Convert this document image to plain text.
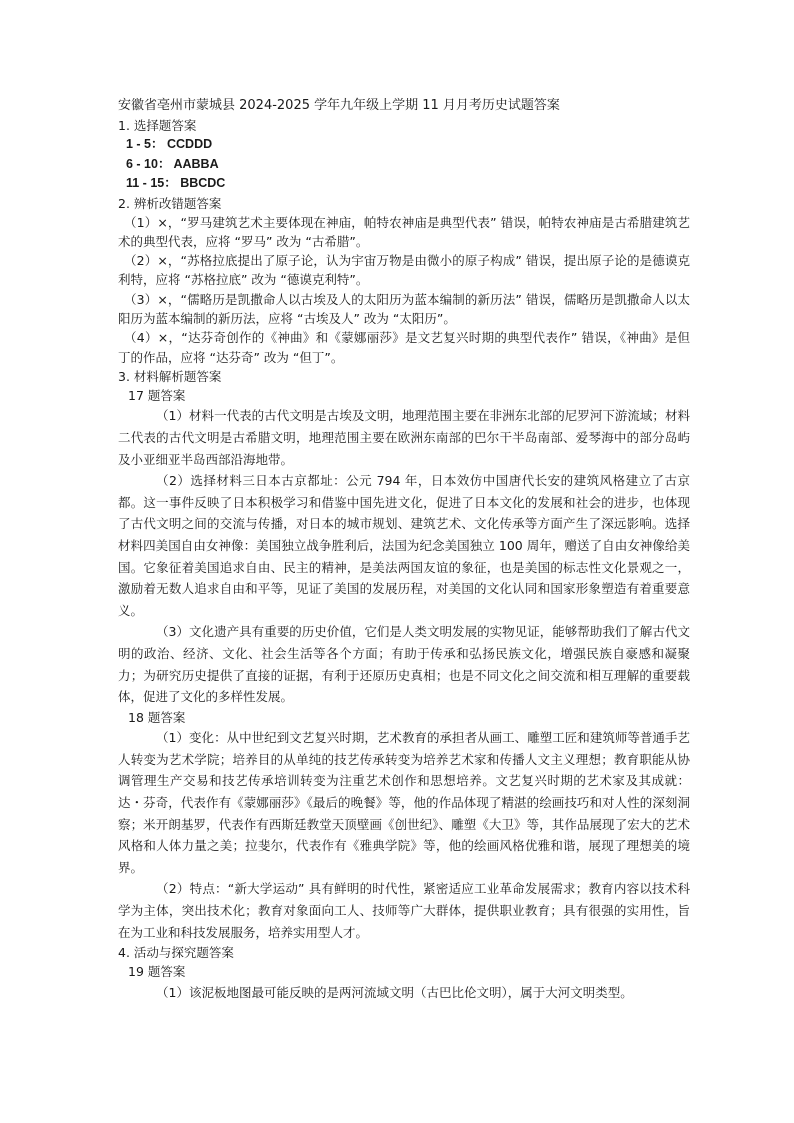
安徽省亳州市蒙城县 2024-2025 学年九年级上学期 11 月月考历史试题答案

1. 选择题答案

1 - 5： CCDDD

6 - 10： AABBA

11 - 15： BBCDC

2. 辨析改错题答案

（1）×，“罗马建筑艺术主要体现在神庙，帕特农神庙是典型代表” 错误，帕特农神庙是古希腊建筑艺术的典型代表，应将 “罗马” 改为 “古希腊”。

（2）×，“苏格拉底提出了原子论，认为宇宙万物是由微小的原子构成” 错误，提出原子论的是德谟克利特，应将 “苏格拉底” 改为 “德谟克利特”。

（3）×，“儒略历是凯撒命人以古埃及人的太阳历为蓝本编制的新历法” 错误，儒略历是凯撒命人以太阳历为蓝本编制的新历法，应将 “古埃及人” 改为 “太阳历”。

（4）×，“达芬奇创作的《神曲》和《蒙娜丽莎》是文艺复兴时期的典型代表作” 错误，《神曲》是但丁的作品，应将 “达芬奇” 改为 “但丁”。

3. 材料解析题答案

17 题答案

（1）材料一代表的古代文明是古埃及文明，地理范围主要在非洲东北部的尼罗河下游流域；材料二代表的古代文明是古希腊文明，地理范围主要在欧洲东南部的巴尔干半岛南部、爱琴海中的部分岛屿及小亚细亚半岛西部沿海地带。

（2）选择材料三日本古京都址：公元 794 年，日本效仿中国唐代长安的建筑风格建立了古京都。这一事件反映了日本积极学习和借鉴中国先进文化，促进了日本文化的发展和社会的进步，也体现了古代文明之间的交流与传播，对日本的城市规划、建筑艺术、文化传承等方面产生了深远影响。选择材料四美国自由女神像：美国独立战争胜利后，法国为纪念美国独立 100 周年，赠送了自由女神像给美国。它象征着美国追求自由、民主的精神，是美法两国友谊的象征，也是美国的标志性文化景观之一，激励着无数人追求自由和平等，见证了美国的发展历程，对美国的文化认同和国家形象塑造有着重要意义。

（3）文化遗产具有重要的历史价值，它们是人类文明发展的实物见证，能够帮助我们了解古代文明的政治、经济、文化、社会生活等各个方面；有助于传承和弘扬民族文化，增强民族自豪感和凝聚力；为研究历史提供了直接的证据，有利于还原历史真相；也是不同文化之间交流和相互理解的重要载体，促进了文化的多样性发展。

18 题答案

（1）变化：从中世纪到文艺复兴时期，艺术教育的承担者从画工、雕塑工匠和建筑师等普通手艺人转变为艺术学院；培养目的从单纯的技艺传承转变为培养艺术家和传播人文主义理想；教育职能从协调管理生产交易和技艺传承培训转变为注重艺术创作和思想培养。文艺复兴时期的艺术家及其成就：达・芬奇，代表作有《蒙娜丽莎》《最后的晚餐》等，他的作品体现了精湛的绘画技巧和对人性的深刻洞察；米开朗基罗，代表作有西斯廷教堂天顶壁画《创世纪》、雕塑《大卫》等，其作品展现了宏大的艺术风格和人体力量之美；拉斐尔，代表作有《雅典学院》等，他的绘画风格优雅和谐，展现了理想美的境界。

（2）特点：“新大学运动” 具有鲜明的时代性，紧密适应工业革命发展需求；教育内容以技术科学为主体，突出技术化；教育对象面向工人、技师等广大群体，提供职业教育；具有很强的实用性，旨在为工业和科技发展服务，培养实用型人才。

4. 活动与探究题答案

19 题答案

（1）该泥板地图最可能反映的是两河流域文明（古巴比伦文明），属于大河文明类型。
